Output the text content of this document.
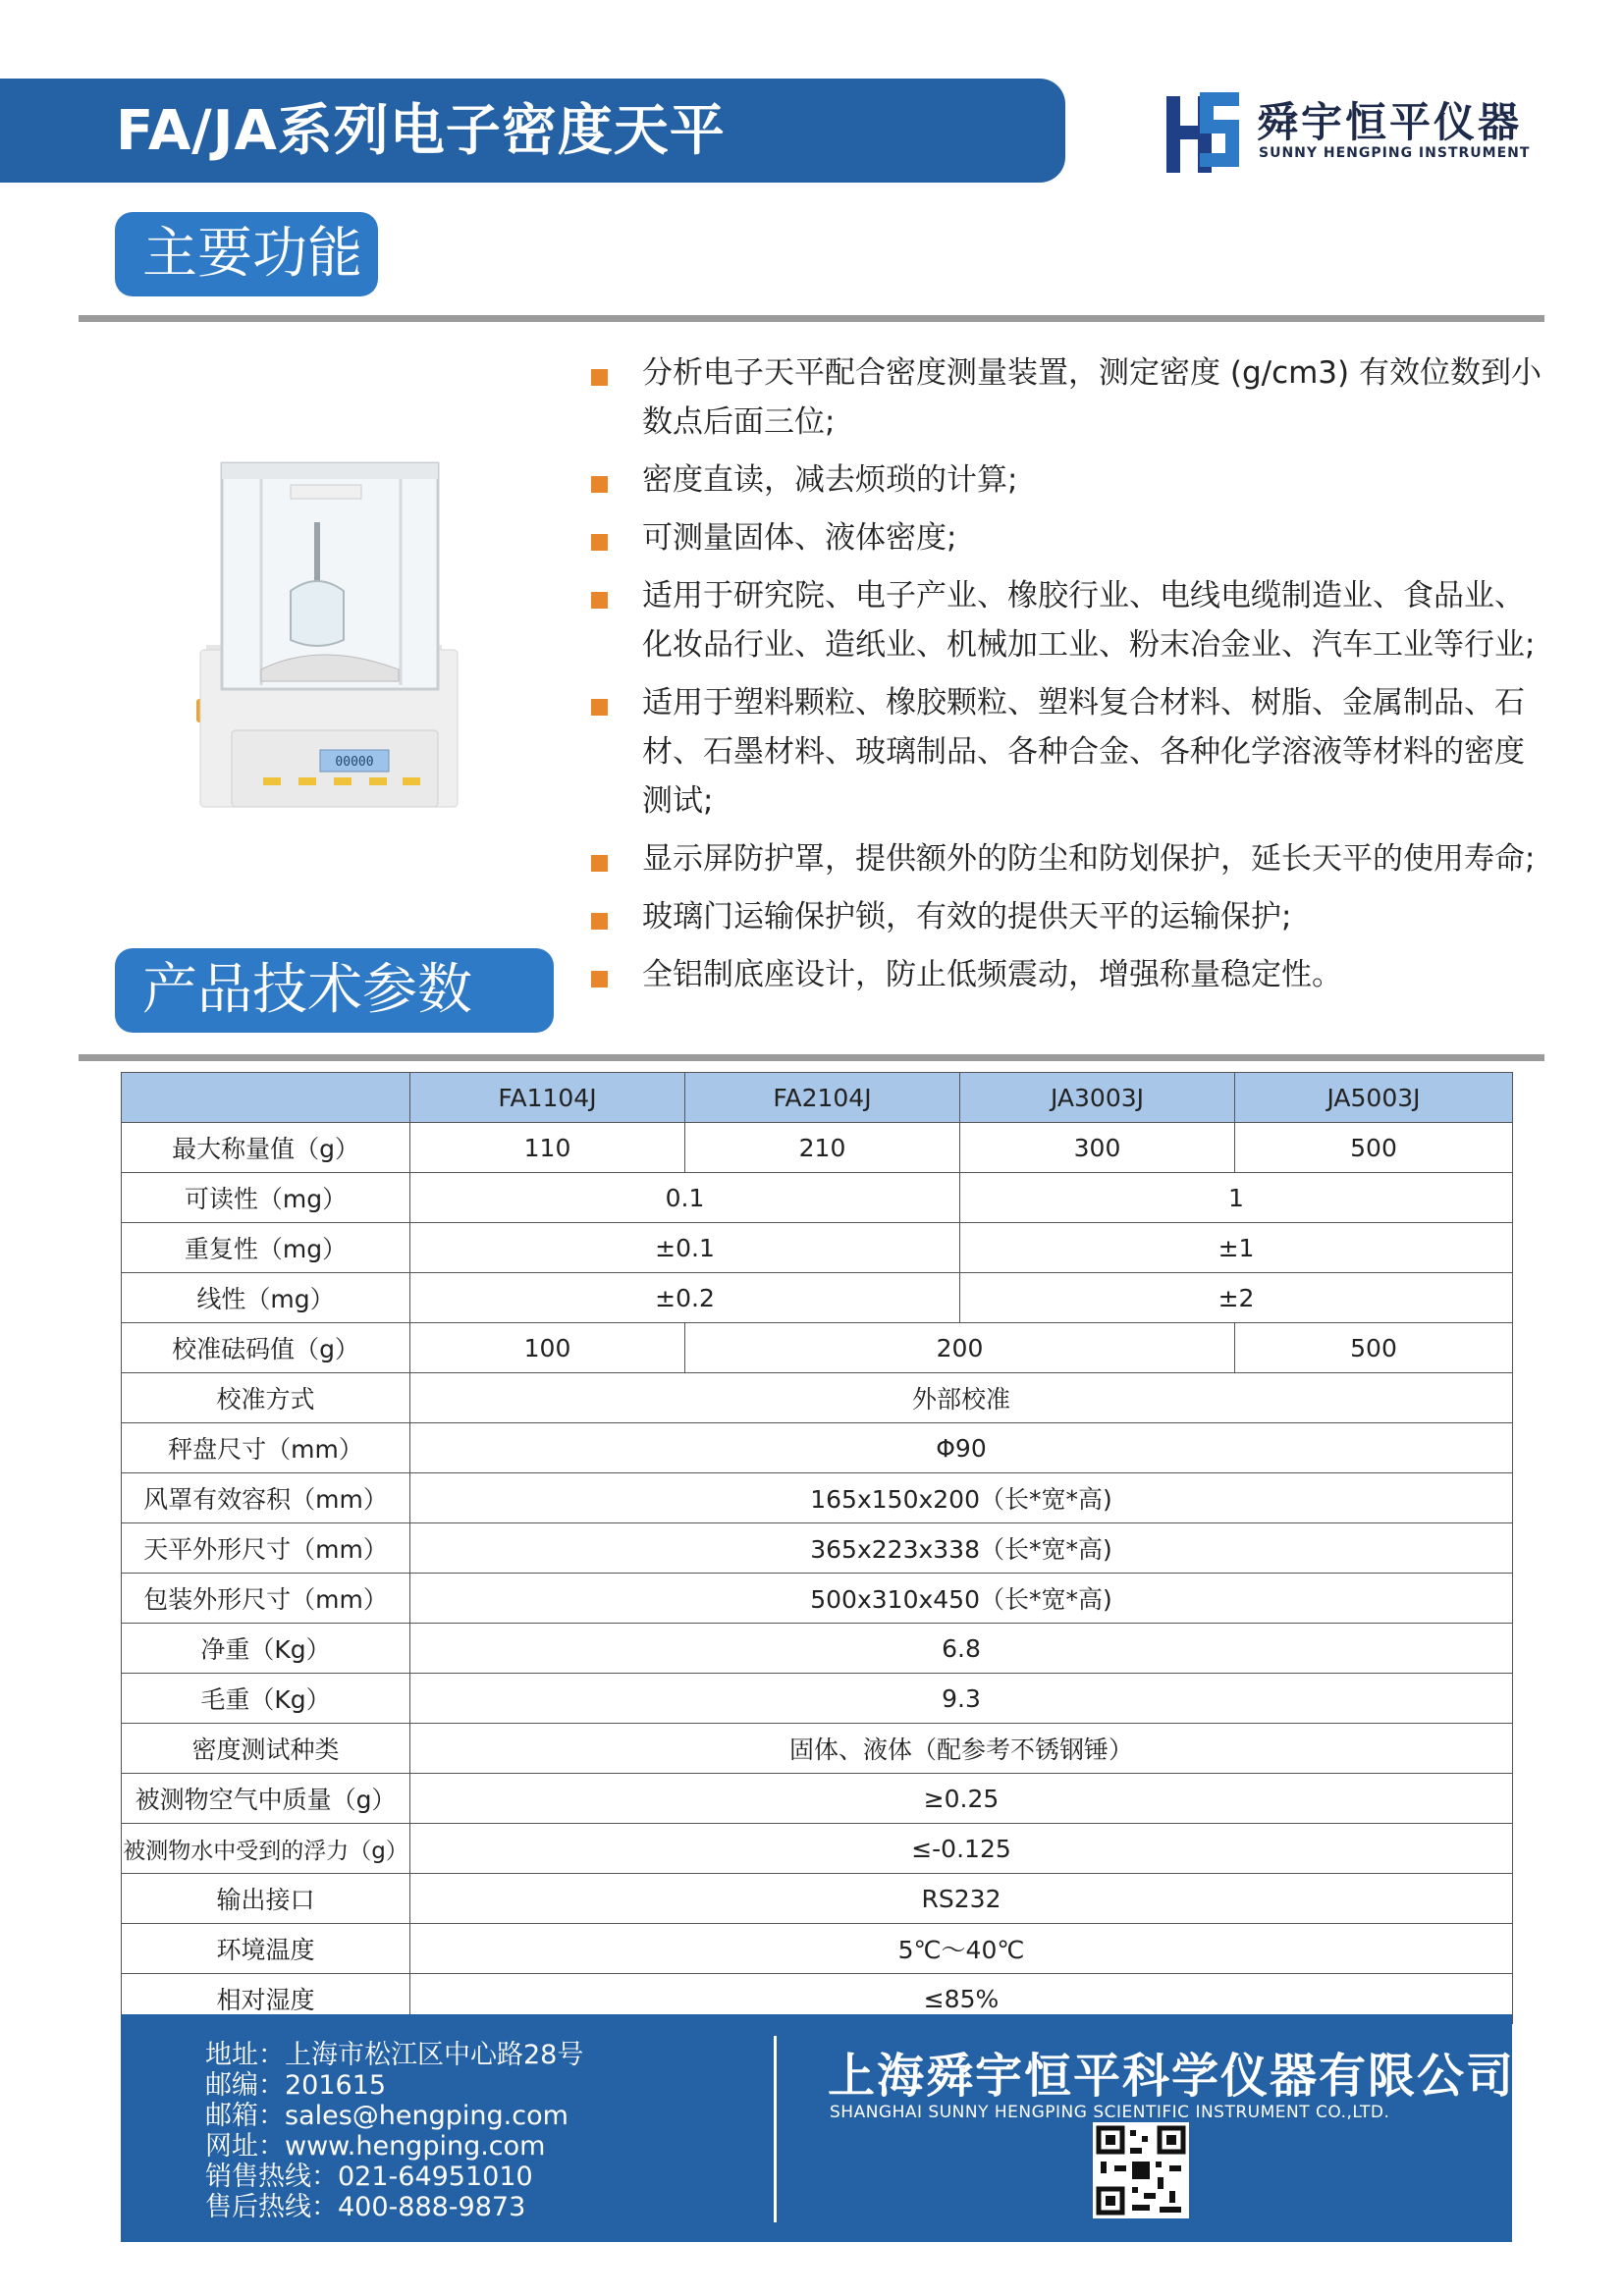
FA/JA系列电子密度天平	舜宇恒平仪器
SUNNY HENGPING INSTRUMENT
主要功能
00000
分析电子天平配合密度测量装置，测定密度 (g/cm3) 有效位数到小数点后面三位;
密度直读，减去烦琐的计算;
可测量固体、液体密度;
适用于研究院、电子产业、橡胶行业、电线电缆制造业、食品业、化妆品行业、造纸业、机械加工业、粉末冶金业、汽车工业等行业;
适用于塑料颗粒、橡胶颗粒、塑料复合材料、树脂、金属制品、石材、石墨材料、玻璃制品、各种合金、各种化学溶液等材料的密度测试;
显示屏防护罩，提供额外的防尘和防划保护，延长天平的使用寿命;
玻璃门运输保护锁，有效的提供天平的运输保护;
全铝制底座设计，防止低频震动，增强称量稳定性。
产品技术参数
	FA1104J	FA2104J	JA3003J	JA5003J
最大称量值（g）	110	210	300	500
可读性（mg）	0.1		1	
重复性（mg）	±0.1		±1	
线性（mg）	±0.2		±2	
校准砝码值（g）	100	200		500
校准方式	外部校准			
秤盘尺寸（mm）	Φ90			
风罩有效容积（mm）	165x150x200（长*宽*高)			
天平外形尺寸（mm）	365x223x338（长*宽*高)			
包装外形尺寸（mm）	500x310x450（长*宽*高)			
净重（Kg）	6.8			
毛重（Kg）	9.3			
密度测试种类	固体、液体（配参考不锈钢锤）			
被测物空气中质量（g）	≥0.25			
被测物水中受到的浮力（g）	≤-0.125			
输出接口	RS232			
环境温度	5℃～40℃			
相对湿度	≤85%			
地址：上海市松江区中心路28号
邮编：201615
邮箱：sales@hengping.com
网址：www.hengping.com
销售热线：021-64951010
售后热线：400-888-9873
上海舜宇恒平科学仪器有限公司
SHANGHAI SUNNY HENGPING SCIENTIFIC INSTRUMENT CO.,LTD.
